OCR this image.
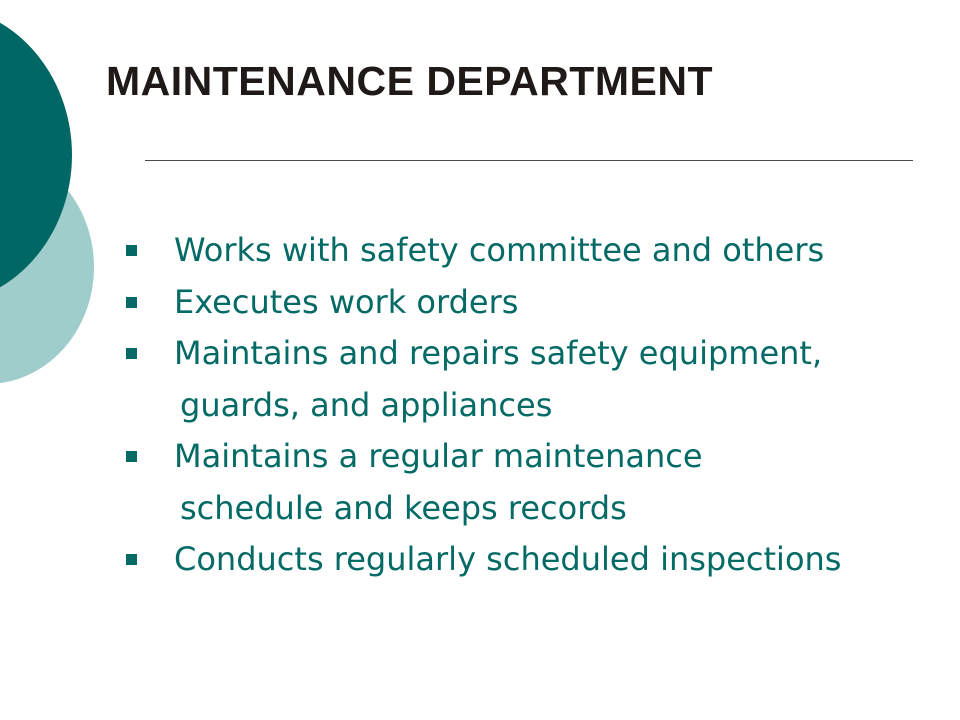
MAINTENANCE DEPARTMENT
Works with safety committee and others
Executes work orders
Maintains and repairs safety equipment,
guards, and appliances
Maintains a regular maintenance
schedule and keeps records
Conducts regularly scheduled inspections
